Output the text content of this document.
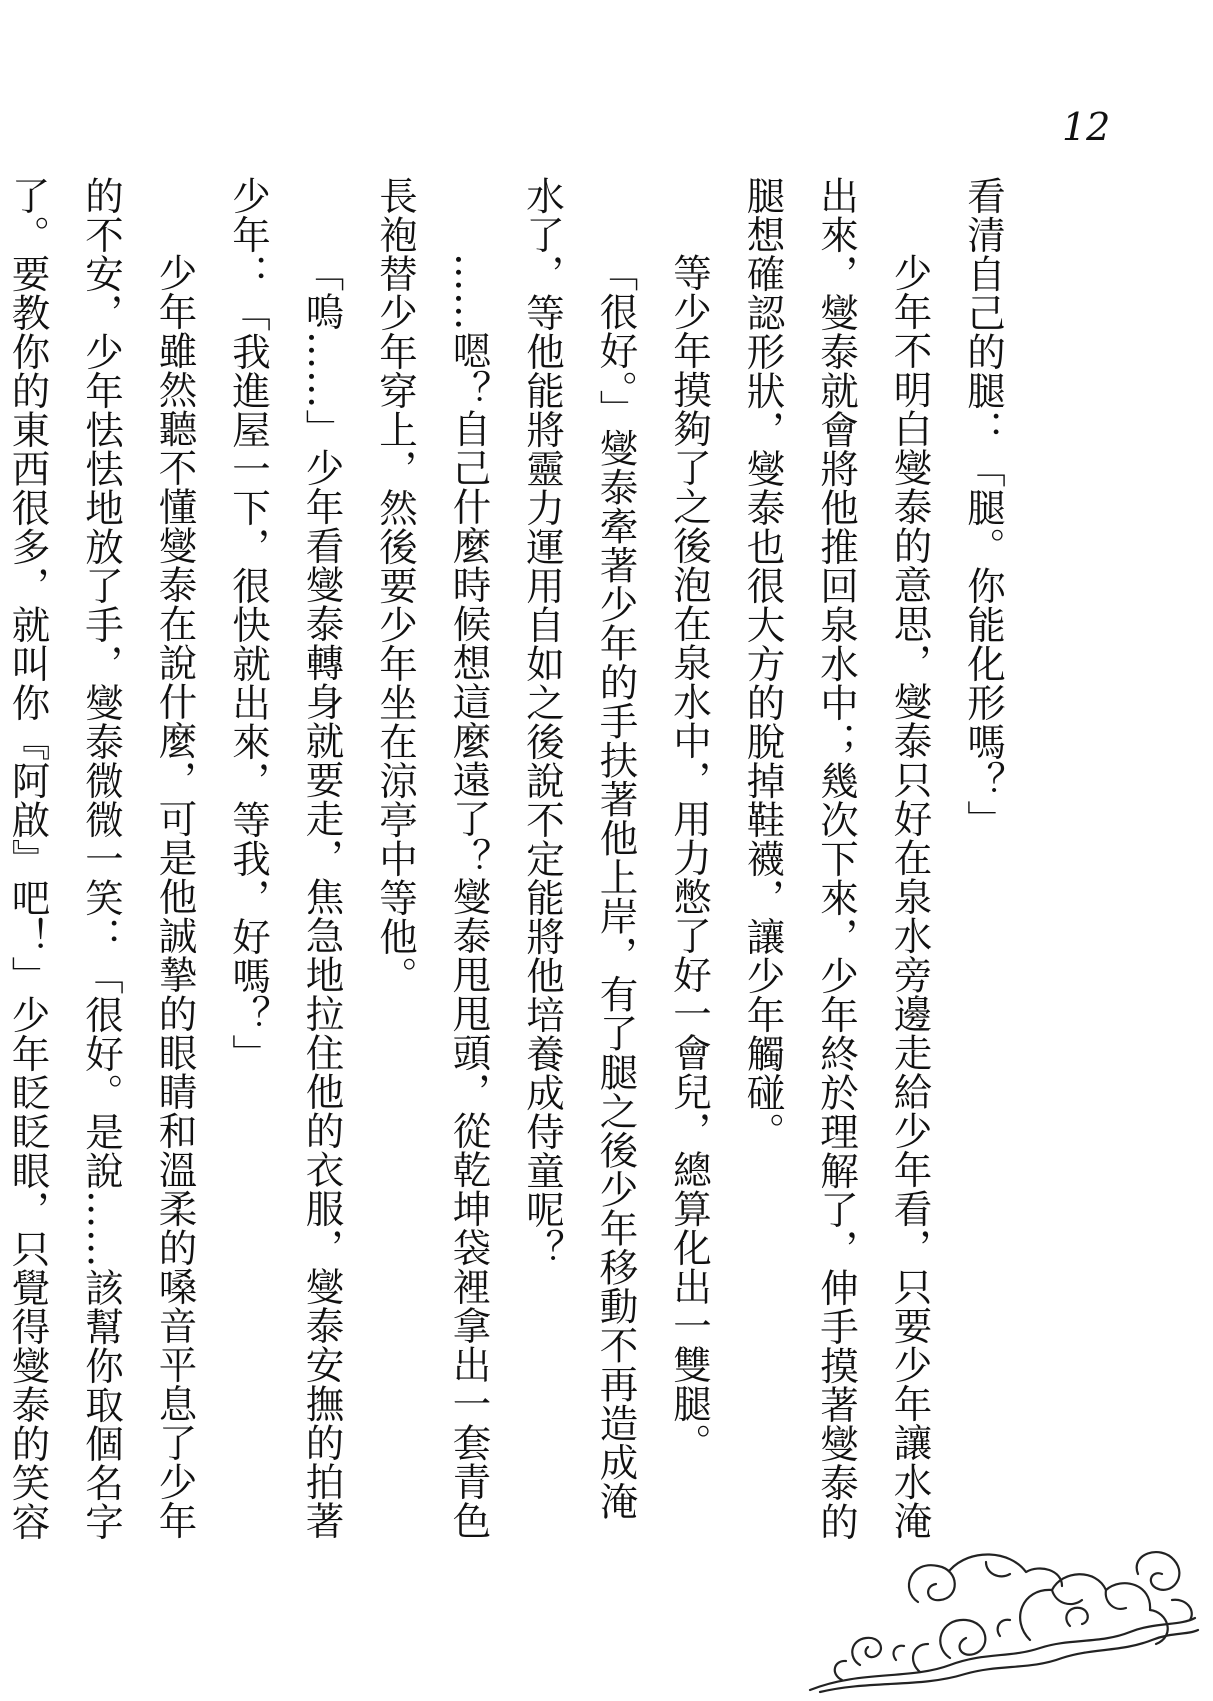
12

看清自己的腿：「腿。你能化形嗎？」

少年不明白燮泰的意思，燮泰只好在泉水旁邊走給少年看，只要少年讓水淹出來，燮泰就會將他推回泉水中；幾次下來，少年終於理解了，伸手摸著燮泰的腿想確認形狀，燮泰也很大方的脫掉鞋襪，讓少年觸碰。

等少年摸夠了之後泡在泉水中，用力憋了好一會兒，總算化出一雙腿。

「很好。」燮泰牽著少年的手扶著他上岸，有了腿之後少年移動不再造成淹水了，等他能將靈力運用自如之後說不定能將他培養成侍童呢？

……嗯？自己什麼時候想這麼遠了？燮泰甩甩頭，從乾坤袋裡拿出一套青色長袍替少年穿上，然後要少年坐在涼亭中等他。

「嗚……」少年看燮泰轉身就要走，焦急地拉住他的衣服，燮泰安撫的拍著少年：「我進屋一下，很快就出來，等我，好嗎？」

少年雖然聽不懂燮泰在說什麼，可是他誠摯的眼睛和溫柔的嗓音平息了少年的不安，少年怯怯地放了手，燮泰微微一笑：「很好。是說……該幫你取個名字了。要教你的東西很多，就叫你『阿啟』吧！」少年眨眨眼，只覺得燮泰的笑容
